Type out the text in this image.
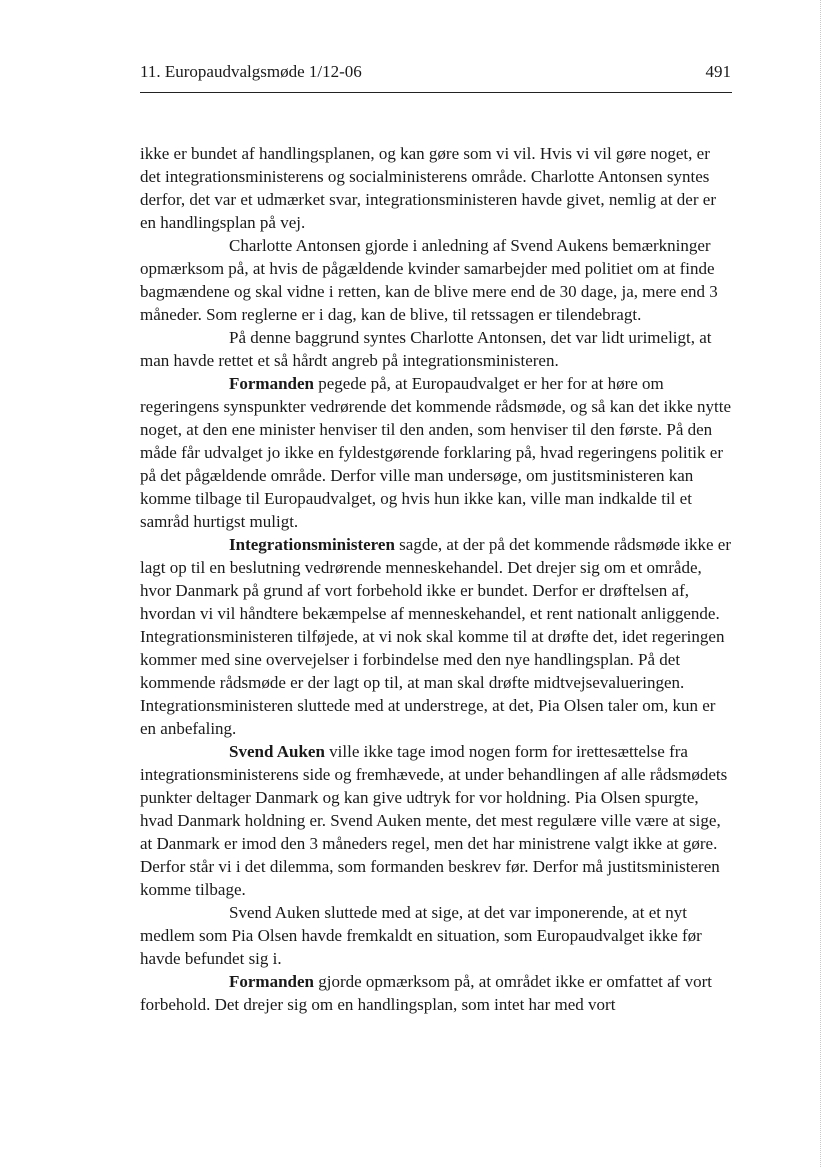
11. Europaudvalgsmøde 1/12-06	491

ikke er bundet af handlingsplanen, og kan gøre som vi vil. Hvis vi vil gøre noget, er det integrationsministerens og socialministerens område. Charlotte Antonsen syntes derfor, det var et udmærket svar, integrationsministeren havde givet, nemlig at der er en handlingsplan på vej.

Charlotte Antonsen gjorde i anledning af Svend Aukens bemærkninger opmærksom på, at hvis de pågældende kvinder samarbejder med politiet om at finde bagmændene og skal vidne i retten, kan de blive mere end de 30 dage, ja, mere end 3 måneder. Som reglerne er i dag, kan de blive, til retssagen er tilendebragt.

På denne baggrund syntes Charlotte Antonsen, det var lidt urimeligt, at man havde rettet et så hårdt angreb på integrationsministeren.

Formanden pegede på, at Europaudvalget er her for at høre om regeringens synspunkter vedrørende det kommende rådsmøde, og så kan det ikke nytte noget, at den ene minister henviser til den anden, som henviser til den første. På den måde får udvalget jo ikke en fyldestgørende forklaring på, hvad regeringens politik er på det pågældende område. Derfor ville man undersøge, om justitsministeren kan komme tilbage til Europaudvalget, og hvis hun ikke kan, ville man indkalde til et samråd hurtigst muligt.

Integrationsministeren sagde, at der på det kommende rådsmøde ikke er lagt op til en beslutning vedrørende menneskehandel. Det drejer sig om et område, hvor Danmark på grund af vort forbehold ikke er bundet. Derfor er drøftelsen af, hvordan vi vil håndtere bekæmpelse af menneskehandel, et rent nationalt anliggende. Integrationsministeren tilføjede, at vi nok skal komme til at drøfte det, idet regeringen kommer med sine overvejelser i forbindelse med den nye handlingsplan. På det kommende rådsmøde er der lagt op til, at man skal drøfte midtvejsevalueringen. Integrationsministeren sluttede med at understrege, at det, Pia Olsen taler om, kun er en anbefaling.

Svend Auken ville ikke tage imod nogen form for irettesættelse fra integrationsministerens side og fremhævede, at under behandlingen af alle rådsmødets punkter deltager Danmark og kan give udtryk for vor holdning. Pia Olsen spurgte, hvad Danmark holdning er. Svend Auken mente, det mest regulære ville være at sige, at Danmark er imod den 3 måneders regel, men det har ministrene valgt ikke at gøre. Derfor står vi i det dilemma, som formanden beskrev før. Derfor må justitsministeren komme tilbage.

Svend Auken sluttede med at sige, at det var imponerende, at et nyt medlem som Pia Olsen havde fremkaldt en situation, som Europaudvalget ikke før havde befundet sig i.

Formanden gjorde opmærksom på, at området ikke er omfattet af vort forbehold. Det drejer sig om en handlingsplan, som intet har med vort
